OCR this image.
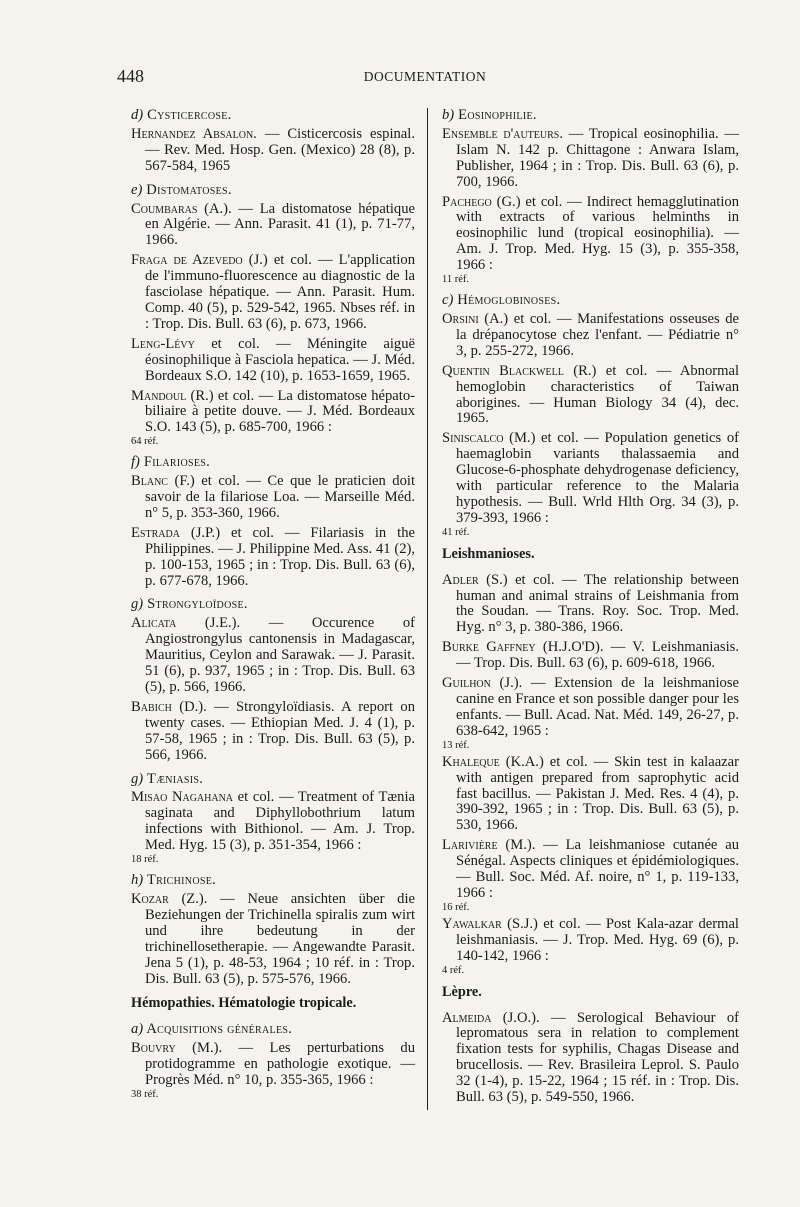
448	DOCUMENTATION
d) Cysticercose.
Hernandez Absalon. — Cisticercosis espinal. — Rev. Med. Hosp. Gen. (Mexico) 28 (8), p. 567-584, 1965
e) Distomatoses.
Coumbaras (A.). — La distomatose hépatique en Algérie. — Ann. Parasit. 41 (1), p. 71-77, 1966.
Fraga de Azevedo (J.) et col. — L'application de l'immuno-fluorescence au diagnostic de la fasciolase hépatique. — Ann. Parasit. Hum. Comp. 40 (5), p. 529-542, 1965. Nbses réf. in : Trop. Dis. Bull. 63 (6), p. 673, 1966.
Leng-Lévy et col. — Méningite aiguë éosinophilique à Fasciola hepatica. — J. Méd. Bordeaux S.O. 142 (10), p. 1653-1659, 1965.
Mandoul (R.) et col. — La distomatose hépato-biliaire à petite douve. — J. Méd. Bordeaux S.O. 143 (5), p. 685-700, 1966 :
64 réf.
f) Filarioses.
Blanc (F.) et col. — Ce que le praticien doit savoir de la filariose Loa. — Marseille Méd. n° 5, p. 353-360, 1966.
Estrada (J.P.) et col. — Filariasis in the Philippines. — J. Philippine Med. Ass. 41 (2), p. 100-153, 1965 ; in : Trop. Dis. Bull. 63 (6), p. 677-678, 1966.
g) Strongyloïdose.
Alicata (J.E.). — Occurence of Angiostrongylus cantonensis in Madagascar, Mauritius, Ceylon and Sarawak. — J. Parasit. 51 (6), p. 937, 1965 ; in : Trop. Dis. Bull. 63 (5), p. 566, 1966.
Babich (D.). — Strongyloïdiasis. A report on twenty cases. — Ethiopian Med. J. 4 (1), p. 57-58, 1965 ; in : Trop. Dis. Bull. 63 (5), p. 566, 1966.
g) Tæniasis.
Misao Nagahana et col. — Treatment of Tænia saginata and Diphyllobothrium latum infections with Bithionol. — Am. J. Trop. Med. Hyg. 15 (3), p. 351-354, 1966 :
18 réf.
h) Trichinose.
Kozar (Z.). — Neue ansichten über die Beziehungen der Trichinella spiralis zum wirt und ihre bedeutung in der trichinellosetherapie. — Angewandte Parasit. Jena 5 (1), p. 48-53, 1964 ; 10 réf. in : Trop. Dis. Bull. 63 (5), p. 575-576, 1966.
Hémopathies. Hématologie tropicale.
a) Acquisitions générales.
Bouvry (M.). — Les perturbations du protidogramme en pathologie exotique. — Progrès Méd. n° 10, p. 355-365, 1966 :
38 réf.
b) Eosinophilie.
Ensemble d'auteurs. — Tropical eosinophilia. — Islam N. 142 p. Chittagone : Anwara Islam, Publisher, 1964 ; in : Trop. Dis. Bull. 63 (6), p. 700, 1966.
Pachego (G.) et col. — Indirect hemagglutination with extracts of various helminths in eosinophilic lund (tropical eosinophilia). — Am. J. Trop. Med. Hyg. 15 (3), p. 355-358, 1966 :
11 réf.
c) Hémoglobinoses.
Orsini (A.) et col. — Manifestations osseuses de la drépanocytose chez l'enfant. — Pédiatrie n° 3, p. 255-272, 1966.
Quentin Blackwell (R.) et col. — Abnormal hemoglobin characteristics of Taiwan aborigines. — Human Biology 34 (4), dec. 1965.
Siniscalco (M.) et col. — Population genetics of haemaglobin variants thalassaemia and Glucose-6-phosphate dehydrogenase deficiency, with particular reference to the Malaria hypothesis. — Bull. Wrld Hlth Org. 34 (3), p. 379-393, 1966 :
41 réf.
Leishmanioses.
Adler (S.) et col. — The relationship between human and animal strains of Leishmania from the Soudan. — Trans. Roy. Soc. Trop. Med. Hyg. n° 3, p. 380-386, 1966.
Burke Gaffney (H.J.O'D). — V. Leishmaniasis. — Trop. Dis. Bull. 63 (6), p. 609-618, 1966.
Guilhon (J.). — Extension de la leishmaniose canine en France et son possible danger pour les enfants. — Bull. Acad. Nat. Méd. 149, 26-27, p. 638-642, 1965 :
13 réf.
Khaleque (K.A.) et col. — Skin test in kalaazar with antigen prepared from saprophytic acid fast bacillus. — Pakistan J. Med. Res. 4 (4), p. 390-392, 1965 ; in : Trop. Dis. Bull. 63 (5), p. 530, 1966.
Larivière (M.). — La leishmaniose cutanée au Sénégal. Aspects cliniques et épidémiologiques. — Bull. Soc. Méd. Af. noire, n° 1, p. 119-133, 1966 :
16 réf.
Yawalkar (S.J.) et col. — Post Kala-azar dermal leishmaniasis. — J. Trop. Med. Hyg. 69 (6), p. 140-142, 1966 :
4 réf.
Lèpre.
Almeida (J.O.). — Serological Behaviour of lepromatous sera in relation to complement fixation tests for syphilis, Chagas Disease and brucellosis. — Rev. Brasileira Leprol. S. Paulo 32 (1-4), p. 15-22, 1964 ; 15 réf. in : Trop. Dis. Bull. 63 (5), p. 549-550, 1966.
